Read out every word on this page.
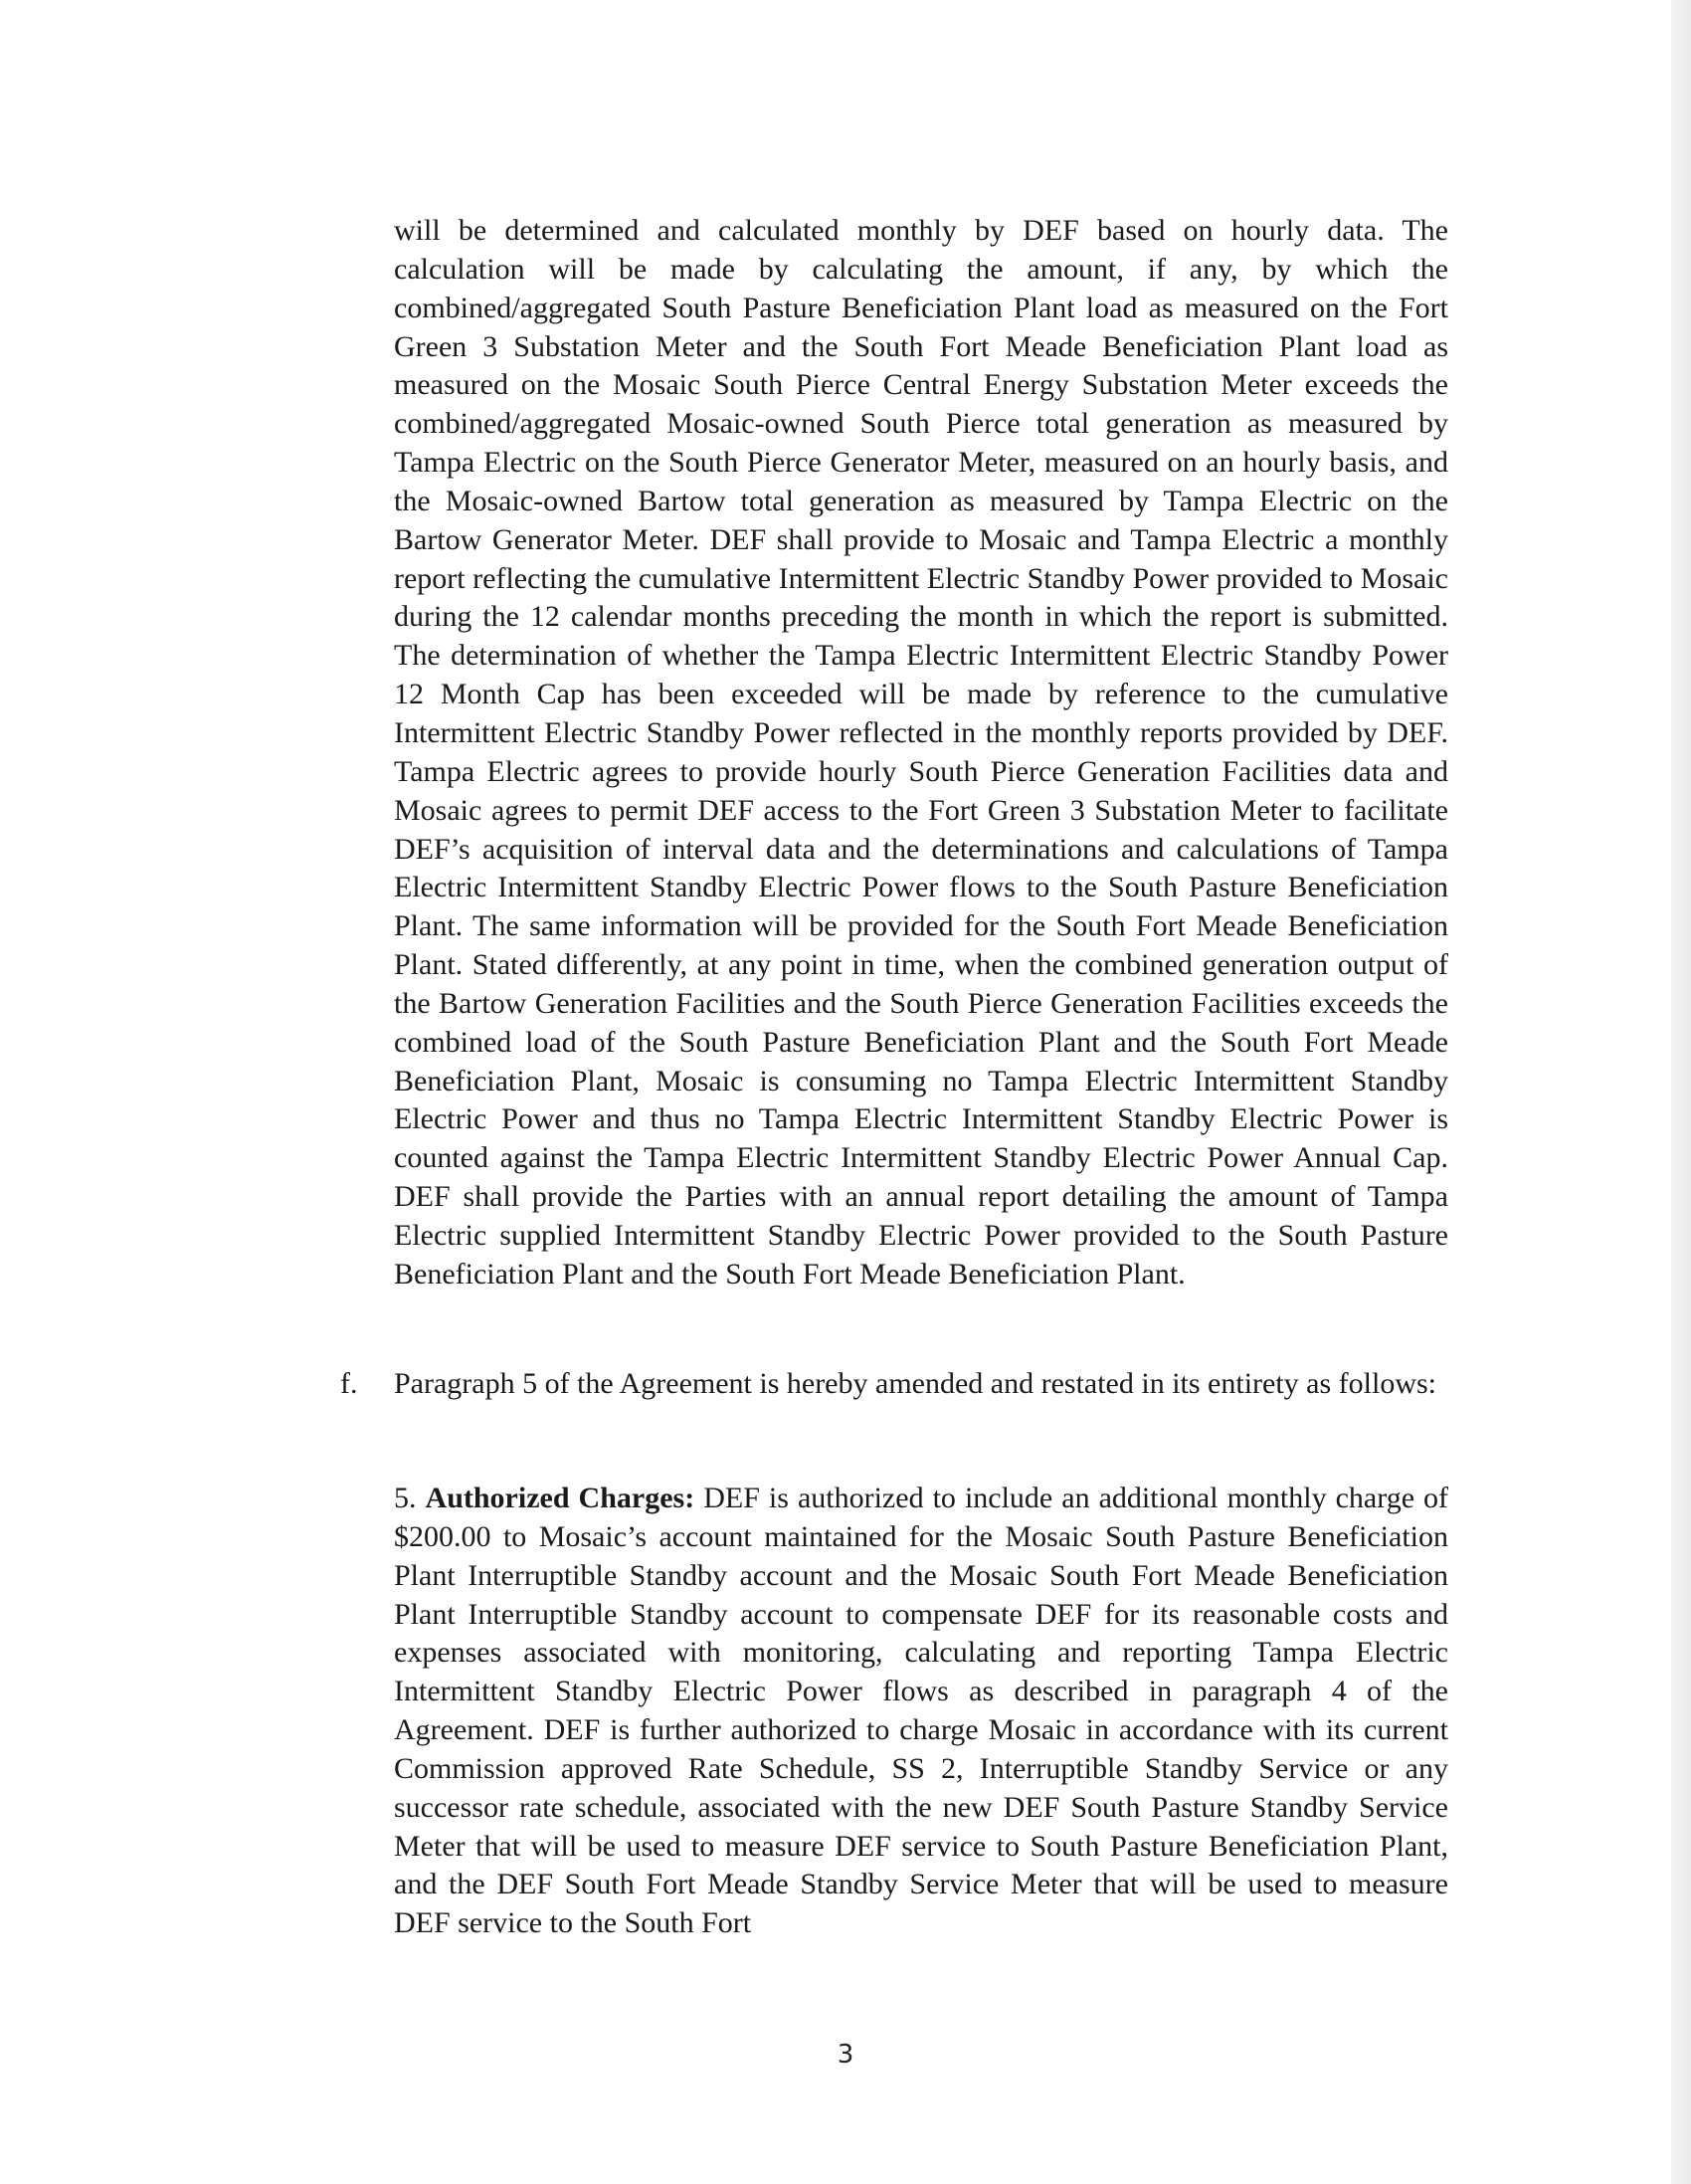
will be determined and calculated monthly by DEF based on hourly data. The calculation will be made by calculating the amount, if any, by which the combined/aggregated South Pasture Beneficiation Plant load as measured on the Fort Green 3 Substation Meter and the South Fort Meade Beneficiation Plant load as measured on the Mosaic South Pierce Central Energy Substation Meter exceeds the combined/aggregated Mosaic-owned South Pierce total generation as measured by Tampa Electric on the South Pierce Generator Meter, measured on an hourly basis, and the Mosaic-owned Bartow total generation as measured by Tampa Electric on the Bartow Generator Meter. DEF shall provide to Mosaic and Tampa Electric a monthly report reflecting the cumulative Intermittent Electric Standby Power provided to Mosaic during the 12 calendar months preceding the month in which the report is submitted. The determination of whether the Tampa Electric Intermittent Electric Standby Power 12 Month Cap has been exceeded will be made by reference to the cumulative Intermittent Electric Standby Power reflected in the monthly reports provided by DEF. Tampa Electric agrees to provide hourly South Pierce Generation Facilities data and Mosaic agrees to permit DEF access to the Fort Green 3 Substation Meter to facilitate DEF’s acquisition of interval data and the determinations and calculations of Tampa Electric Intermittent Standby Electric Power flows to the South Pasture Beneficiation Plant. The same information will be provided for the South Fort Meade Beneficiation Plant. Stated differently, at any point in time, when the combined generation output of the Bartow Generation Facilities and the South Pierce Generation Facilities exceeds the combined load of the South Pasture Beneficiation Plant and the South Fort Meade Beneficiation Plant, Mosaic is consuming no Tampa Electric Intermittent Standby Electric Power and thus no Tampa Electric Intermittent Standby Electric Power is counted against the Tampa Electric Intermittent Standby Electric Power Annual Cap. DEF shall provide the Parties with an annual report detailing the amount of Tampa Electric supplied Intermittent Standby Electric Power provided to the South Pasture Beneficiation Plant and the South Fort Meade Beneficiation Plant.

f. Paragraph 5 of the Agreement is hereby amended and restated in its entirety as follows:

5. Authorized Charges: DEF is authorized to include an additional monthly charge of $200.00 to Mosaic’s account maintained for the Mosaic South Pasture Beneficiation Plant Interruptible Standby account and the Mosaic South Fort Meade Beneficiation Plant Interruptible Standby account to compensate DEF for its reasonable costs and expenses associated with monitoring, calculating and reporting Tampa Electric Intermittent Standby Electric Power flows as described in paragraph 4 of the Agreement. DEF is further authorized to charge Mosaic in accordance with its current Commission approved Rate Schedule, SS 2, Interruptible Standby Service or any successor rate schedule, associated with the new DEF South Pasture Standby Service Meter that will be used to measure DEF service to South Pasture Beneficiation Plant, and the DEF South Fort Meade Standby Service Meter that will be used to measure DEF service to the South Fort

3
